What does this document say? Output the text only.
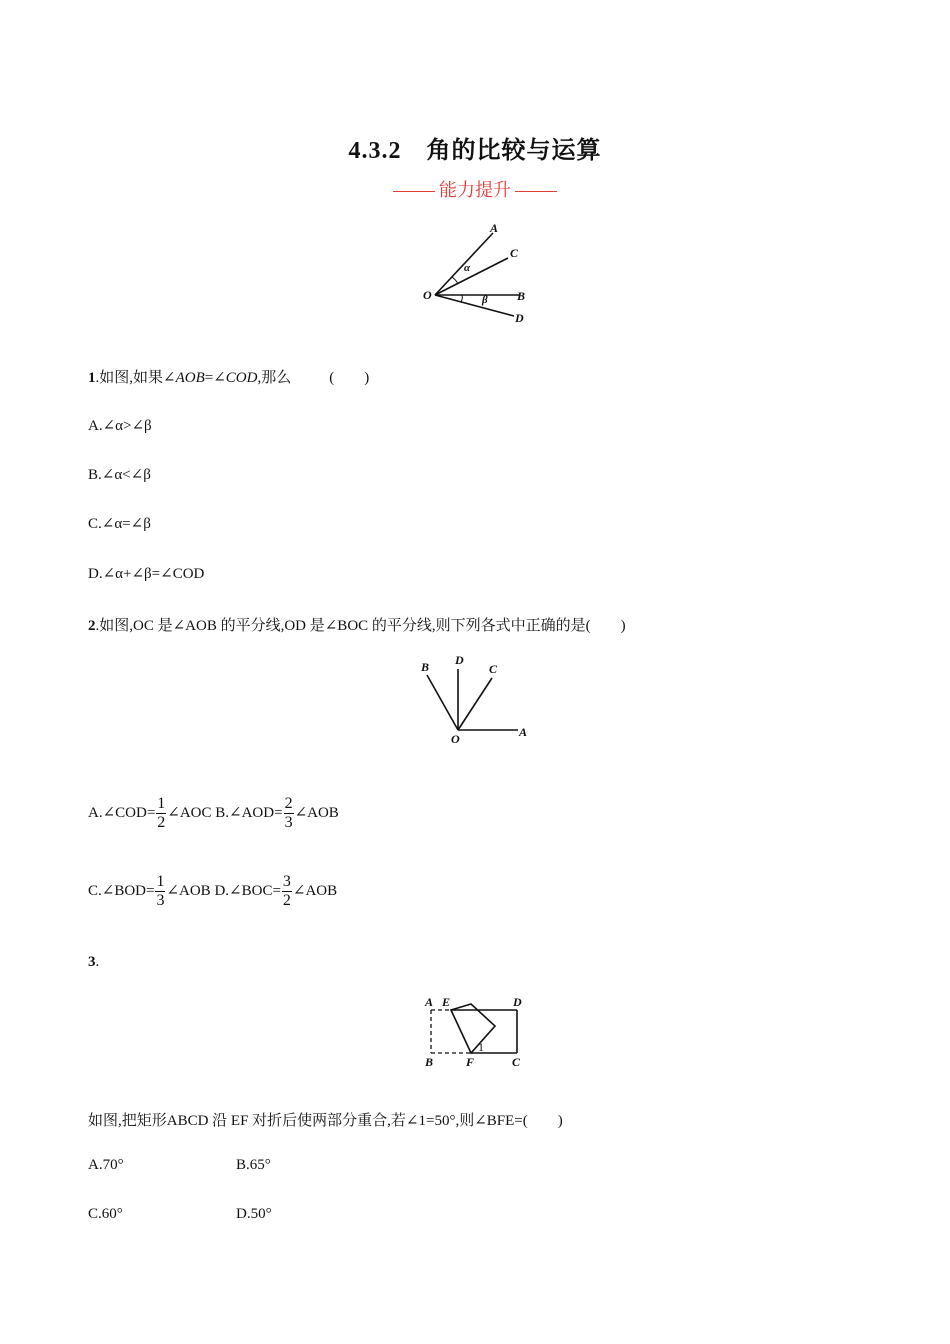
4.3.2　角的比较与运算
能力提升
A
C
O	B
D
α
β
1.如图,如果∠AOB=∠COD,那么	(　　)
A.∠α>∠β
B.∠α<∠β
C.∠α=∠β
D.∠α+∠β=∠COD
2.如图,OC 是∠AOB 的平分线,OD 是∠BOC 的平分线,则下列各式中正确的是(　　)
B D
C
O	A
A.∠COD= $\frac{1}{2}$ ∠AOC B.∠AOD= $\frac{2}{3}$ ∠AOB
C.∠BOD= $\frac{1}{3}$ ∠AOB D.∠BOC= $\frac{3}{2}$ ∠AOB
3.
A E	D
B	F	C
1
如图,把矩形ABCD 沿 EF 对折后使两部分重合,若∠1=50°,则∠BFE=(　　)
A.70°	B.65°
C.60°	D.50°
